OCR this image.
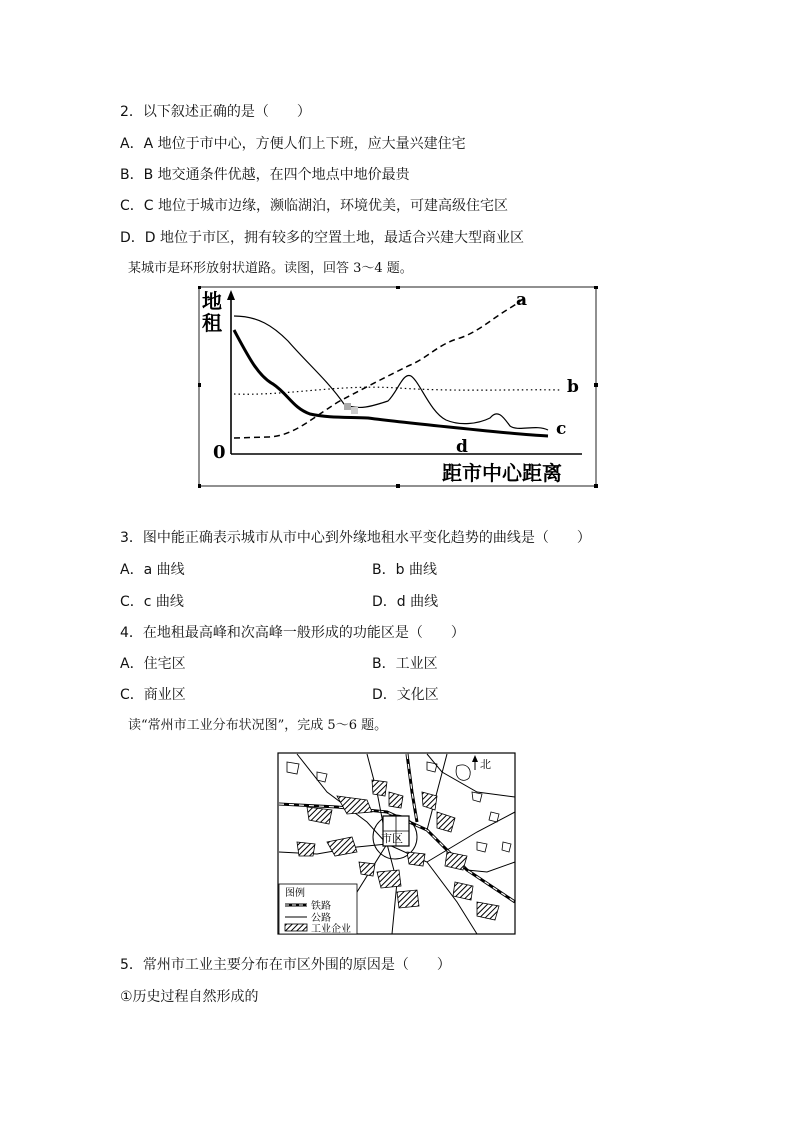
2．以下叙述正确的是（　　）
A．A 地位于市中心，方便人们上下班，应大量兴建住宅
B．B 地交通条件优越，在四个地点中地价最贵
C．C 地位于城市边缘，濒临湖泊，环境优美，可建高级住宅区
D．D 地位于市区，拥有较多的空置土地，最适合兴建大型商业区
某城市是环形放射状道路。读图，回答 3～4 题。
地
租
0
距市中心距离
a
b
c
d
3．图中能正确表示城市从市中心到外缘地租水平变化趋势的曲线是（　　）
A．a 曲线	B．b 曲线
C．c 曲线	D．d 曲线
4．在地租最高峰和次高峰一般形成的功能区是（　　）
A．住宅区	B．工业区
C．商业区	D．文化区
读“常州市工业分布状况图”，完成 5～6 题。
北
市区
图例
铁路
公路
工业企业
5．常州市工业主要分布在市区外围的原因是（　　）
①历史过程自然形成的
